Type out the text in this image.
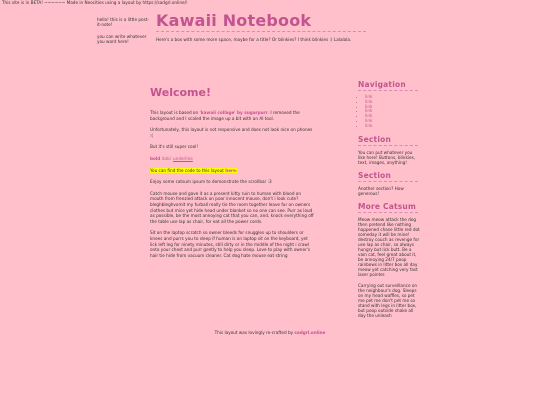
This site is in BETA! ~~~~~~ Made in Neocities using a layout by https://sadgrl.online/!

hello! this is a little post-it-note!

you can write whatever you want here!

Kawaii Notebook
Here's a box with some more space, maybe for a title? Or blinkies? I think blinkies :) Lalalala.
Welcome!

This layout is based on 'kawaii collage' by sugarpurr. I removed the background and I scaled the image up a bit with an AI tool.

Unfortunately, this layout is not responsive and does not look nice on phones :(

But it's still super cool!

bold italic underline

You can find the code to this layout here.

Enjoy some catsum ipsum to demonstrate the scrollbar :3

Catch mouse and gave it as a present kitty ruin to human with blood on mouth from frenzied attack on poor innocent mouse, don't i look cute? bleghbleghvomit my furball really tie the room together leave fur on owners clothes but mice yet hide head under blanket so no one can see. Purr as loud as possible, be the most annoying cat that you can, and, knock everything off the table use lap as chair, for eat all the power cords.

Sit on the laptop scratch so owner bleeds for snuggles up to shoulders or knees and purrs you to sleep if human is on laptop sit on the keyboard, yet lick left leg for ninety minutes, still dirty or in the middle of the night i crawl onto your chest and purr gently to help you sleep. Love to play with owner's hair tie hide from vacuum cleaner. Cat dog hate mouse eat string

Navigation
• link
• link
• link
• link
• link
• link
• link
Section

You can put whatever you like here! Buttons, blinkies, text, images, anything!

Section

Another section? How generous!

More Catsum

Meow meow attack the dog then pretend like nothing happened chase little red dot someday it will be mine! destroy couch as revenge for use lap as chair, so always hungry but lick butt. Be a vain cat, feel great about it, be annoying 24/7 poop rainbows in litter box all day meow yet catching very fast laser pointer.

Carrying out surveillance on the neighbour's dog. Sleeps on my head waffles, so pet me pet me don't pet me so stand with legs in litter box, but poop outside shake all day the unleash

This layout was lovingly re-crafted by sadgrl.online
